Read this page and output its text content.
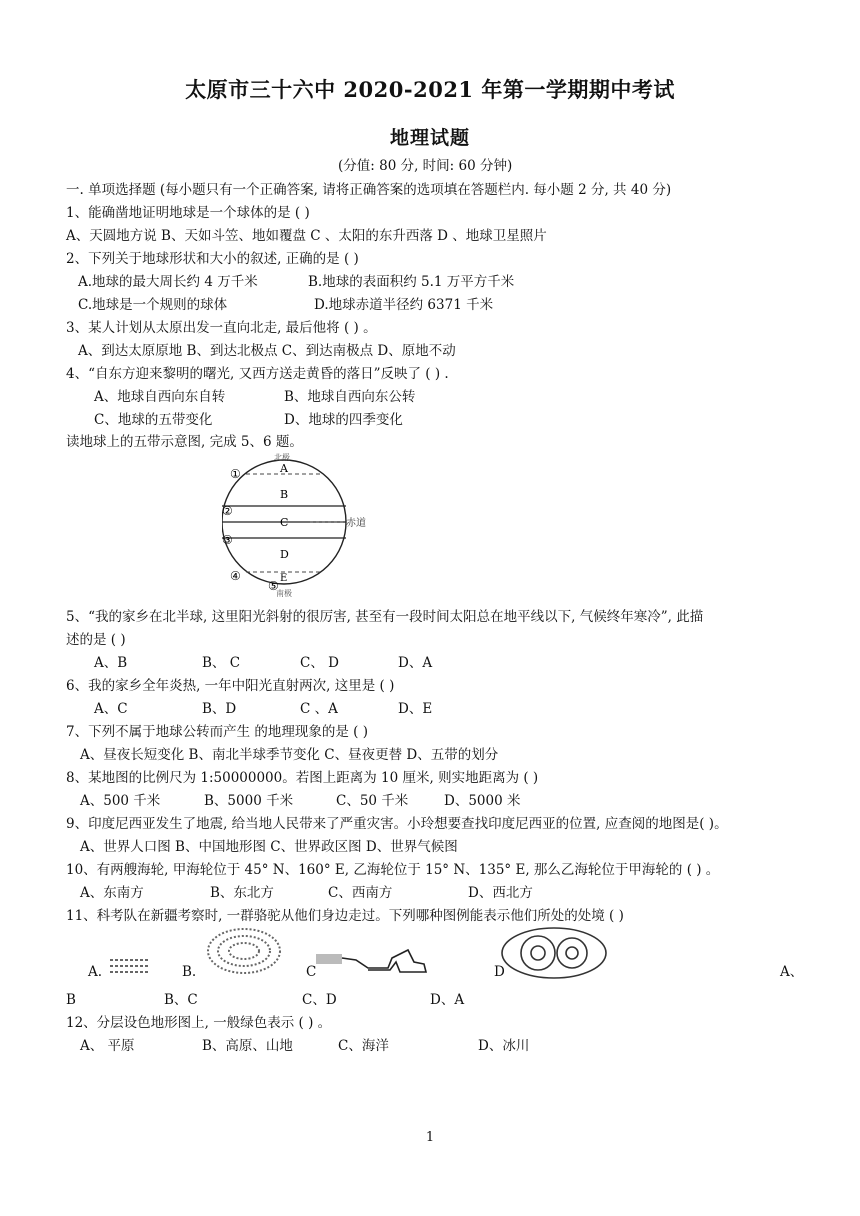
太原市三十六中 2020-2021 年第一学期期中考试
地理试题
(分值: 80 分, 时间: 60 分钟)
一. 单项选择题 (每小题只有一个正确答案, 请将正确答案的选项填在答题栏内. 每小题 2 分, 共 40 分)
1、能确凿地证明地球是一个球体的是 ( )
A、天圆地方说 B、天如斗笠、地如覆盘 C 、太阳的东升西落 D 、地球卫星照片
2、下列关于地球形状和大小的叙述, 正确的是 ( )
A.地球的最大周长约 4 万千米	B.地球的表面积约 5.1 万平方千米
C.地球是一个规则的球体	D.地球赤道半径约 6371 千米
3、某人计划从太原出发一直向北走, 最后他将 ( ) 。
A、到达太原原地 B、到达北极点 C、到达南极点 D、原地不动
4、“自东方迎来黎明的曙光, 又西方送走黄昏的落日”反映了 ( ) .
A、地球自西向东自转	B、地球自西向东公转
C、地球的五带变化	D、地球的四季变化
读地球上的五带示意图, 完成 5、6 题。
A
B
C
D
E
北极
南极
赤道
①
②
③
④
⑤
5、“我的家乡在北半球, 这里阳光斜射的很厉害, 甚至有一段时间太阳总在地平线以下, 气候终年寒冷”, 此描
述的是 ( )
A、B	B、 C	C、 D	D、A
6、我的家乡全年炎热, 一年中阳光直射两次, 这里是 ( )
A、C	B、D	C 、A	D、E
7、下列不属于地球公转而产生 的地理现象的是 ( )
A、昼夜长短变化 B、南北半球季节变化 C、昼夜更替 D、五带的划分
8、某地图的比例尺为 1:50000000。若图上距离为 10 厘米, 则实地距离为 ( )
A、500 千米	B、5000 千米	C、50 千米	D、5000 米
9、印度尼西亚发生了地震, 给当地人民带来了严重灾害。小玲想要查找印度尼西亚的位置, 应查阅的地图是( )。
A、世界人口图 B、中国地形图 C、世界政区图 D、世界气候图
10、有两艘海轮, 甲海轮位于 45° N、160° E, 乙海轮位于 15° N、135° E, 那么乙海轮位于甲海轮的 ( ) 。
A、东南方	B、东北方	C、西南方	D、西北方
11、科考队在新疆考察时, 一群骆驼从他们身边走过。下列哪种图例能表示他们所处的处境 ( )
A.	B.	C	D	A、
B	B、C	C、D	D、A
12、分层设色地形图上, 一般绿色表示 ( ) 。
A、 平原	B、高原、山地	C、海洋	D、冰川
1
